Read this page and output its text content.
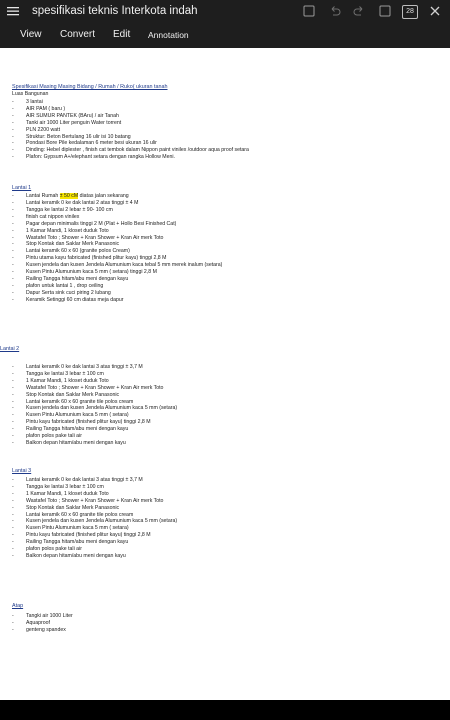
spesifikasi teknis Interkota indah	28
View Convert Edit Annotation
Spesifikasi Masing Masing Bidang / Rumah / Ruko( ukuran tanah
Luas Bangunan
- 3 lantai
- AIR PAM ( baru )
- AIR SUMUR PANTEK (BAru) / air Tanah
- Tanki air 1000 Liter penguin Water torrent
- PLN 2200 watt
- Struktur: Beton Bertulang 16 ulir isi 10 batang
- Pondasi Bore Pile kedalaman 6 meter besi ukuran 16 ulir
- Dinding: Hebel diplester , finish cat tembok dalam Nippon paint vinilex /outdoor aqua proof setara
- Plafon: Gypsum A+/elephant setara dengan rangka Hollow Meni.
Lantai 1
- Lantai Rumah ± 50 cM diatas jalan sekarang
- Lantai keramik 0 ke dak lantai 2 atas tinggi ± 4 M
- Tangga ke lantai 2 lebar ± 90- 100 cm
- finish cat nippon vinilex
- Pagar depan minimalis tinggi 2 M (Plat + Hollo Besi Finished Cat)
- 1 Kamar Mandi, 1 kloset duduk Toto
- Wastafel Toto ; Shower + Kran Shower + Kran Air merk Toto
- Stop Kontak dan Saklar Merk Panasonic
- Lantai keramik 60 x 60 (granite polos Cream)
- Pintu utama kayu fabricated (finished plitur kayu) tinggi 2,8 M
- Kusen jendela dan kusen Jendela Alumunium kaca tebal 5 mm merek inalum (setara)
- Kusen Pintu Alumunium kaca 5 mm ( setara) tinggi 2,8 M
- Railing Tangga hitam/abu meni dengan kayu
- plafon untuk lantai 1 , drop ceiling
- Dapur Serta sink cuci piring 2 lubang
- Keramik Setinggi 60 cm diatas meja dapur
Lantai 2
- Lantai keramik 0 ke dak lantai 3 atas tinggi ± 3,7 M
- Tangga ke lantai 3 lebar ± 100 cm
- 1 Kamar Mandi, 1 kloset duduk Toto
- Wastafel Toto ; Shower + Kran Shower + Kran Air merk Toto
- Stop Kontak dan Saklar Merk Panasonic
- Lantai keramik 60 x 60 granite tile polos cream
- Kusen jendela dan kusen Jendela Alumunium kaca 5 mm (setara)
- Kusen Pintu Alumunium kaca 5 mm ( setara)
- Pintu kayu fabricated (finished plitur kayu) tinggi 2,8 M
- Railing Tangga hitam/abu meni dengan kayu
- plafon polos pake tali air
- Balkon depan hitam/abu meni dengan kayu
Lantai 3
- Lantai keramik 0 ke dak lantai 3 atas tinggi ± 3,7 M
- Tangga ke lantai 3 lebar ± 100 cm
- 1 Kamar Mandi, 1 kloset duduk Toto
- Wastafel Toto ; Shower + Kran Shower + Kran Air merk Toto
- Stop Kontak dan Saklar Merk Panasonic
- Lantai keramik 60 x 60 granite tile polos cream
- Kusen jendela dan kusen Jendela Alumunium kaca 5 mm (setara)
- Kusen Pintu Alumunium kaca 5 mm ( setara)
- Pintu kayu fabricated (finished plitur kayu) tinggi 2,8 M
- Railing Tangga hitam/abu meni dengan kayu
- plafon polos pake tali air
- Balkon depan hitam/abu meni dengan kayu
Atap
- Tangki air 1000 Liter
- Aquaproof
- genteng spandex
